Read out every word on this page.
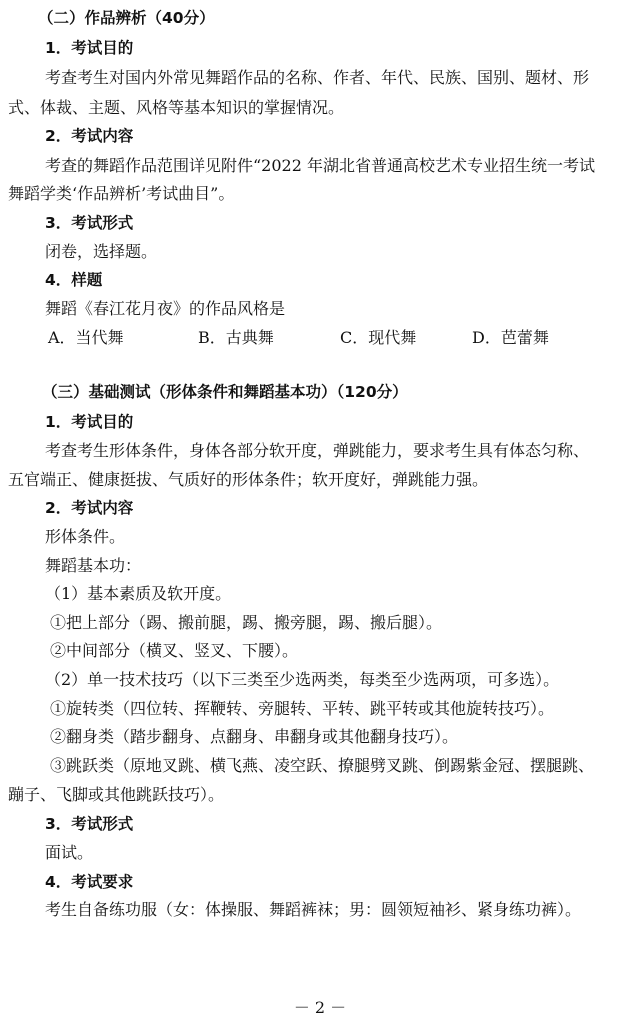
（二）作品辨析（40分）
1．考试目的
考查考生对国内外常见舞蹈作品的名称、作者、年代、民族、国别、题材、形
式、体裁、主题、风格等基本知识的掌握情况。
2．考试内容
考查的舞蹈作品范围详见附件“2022 年湖北省普通高校艺术专业招生统一考试
舞蹈学类‘作品辨析’考试曲目”。
3．考试形式
闭卷，选择题。
4．样题
舞蹈《春江花月夜》的作品风格是
A．当代舞	B．古典舞	C．现代舞	D．芭蕾舞
（三）基础测试（形体条件和舞蹈基本功）（120分）
1．考试目的
考查考生形体条件，身体各部分软开度，弹跳能力，要求考生具有体态匀称、
五官端正、健康挺拔、气质好的形体条件；软开度好，弹跳能力强。
2．考试内容
形体条件。
舞蹈基本功：
（1）基本素质及软开度。
①把上部分（踢、搬前腿，踢、搬旁腿，踢、搬后腿）。
②中间部分（横叉、竖叉、下腰）。
（2）单一技术技巧（以下三类至少选两类，每类至少选两项，可多选）。
①旋转类（四位转、挥鞭转、旁腿转、平转、跳平转或其他旋转技巧）。
②翻身类（踏步翻身、点翻身、串翻身或其他翻身技巧）。
③跳跃类（原地叉跳、横飞燕、凌空跃、撩腿劈叉跳、倒踢紫金冠、摆腿跳、
蹦子、飞脚或其他跳跃技巧）。
3．考试形式
面试。
4．考试要求
考生自备练功服（女：体操服、舞蹈裤袜；男：圆领短袖衫、紧身练功裤）。
－ 2 －
